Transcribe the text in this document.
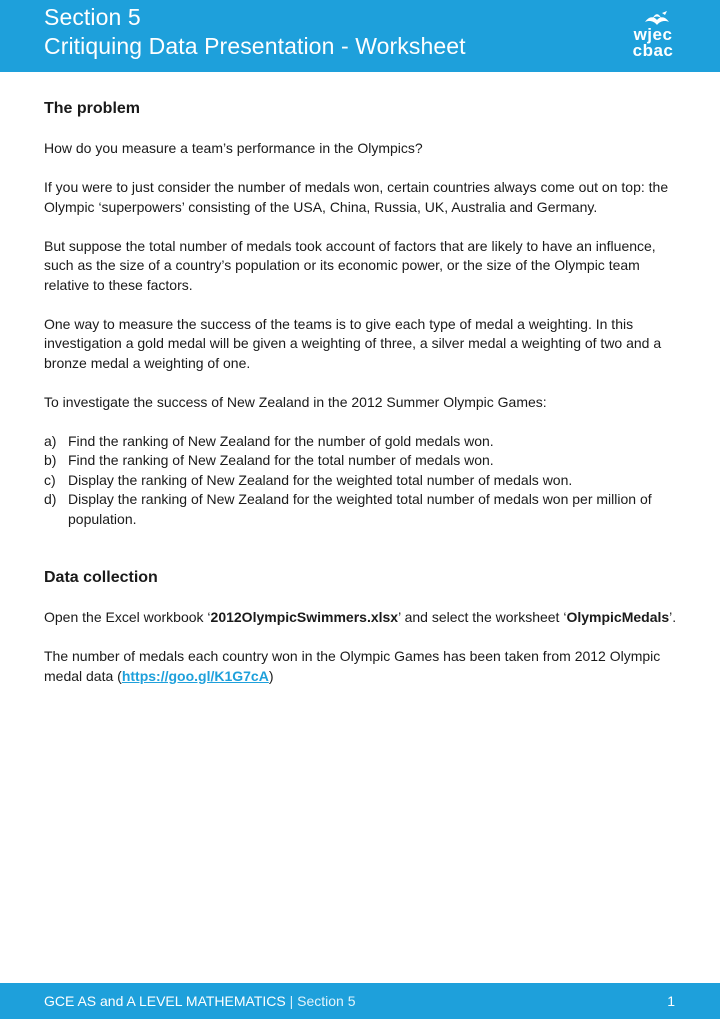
Section 5
Critiquing Data Presentation - Worksheet	wjec
cbac
The problem

How do you measure a team’s performance in the Olympics?

If you were to just consider the number of medals won, certain countries always come out on top: the Olympic ‘superpowers’ consisting of the USA, China, Russia, UK, Australia and Germany.

But suppose the total number of medals took account of factors that are likely to have an influence, such as the size of a country’s population or its economic power, or the size of the Olympic team relative to these factors.

One way to measure the success of the teams is to give each type of medal a weighting. In this investigation a gold medal will be given a weighting of three, a silver medal a weighting of two and a bronze medal a weighting of one.

To investigate the success of New Zealand in the 2012 Summer Olympic Games:

a) Find the ranking of New Zealand for the number of gold medals won.
b) Find the ranking of New Zealand for the total number of medals won.
c) Display the ranking of New Zealand for the weighted total number of medals won.
d) Display the ranking of New Zealand for the weighted total number of medals won per million of population.
Data collection

Open the Excel workbook ‘2012OlympicSwimmers.xlsx’ and select the worksheet ‘OlympicMedals’.

The number of medals each country won in the Olympic Games has been taken from 2012 Olympic medal data (https://goo.gl/K1G7cA)

GCE AS and A LEVEL MATHEMATICS | Section 5	1
